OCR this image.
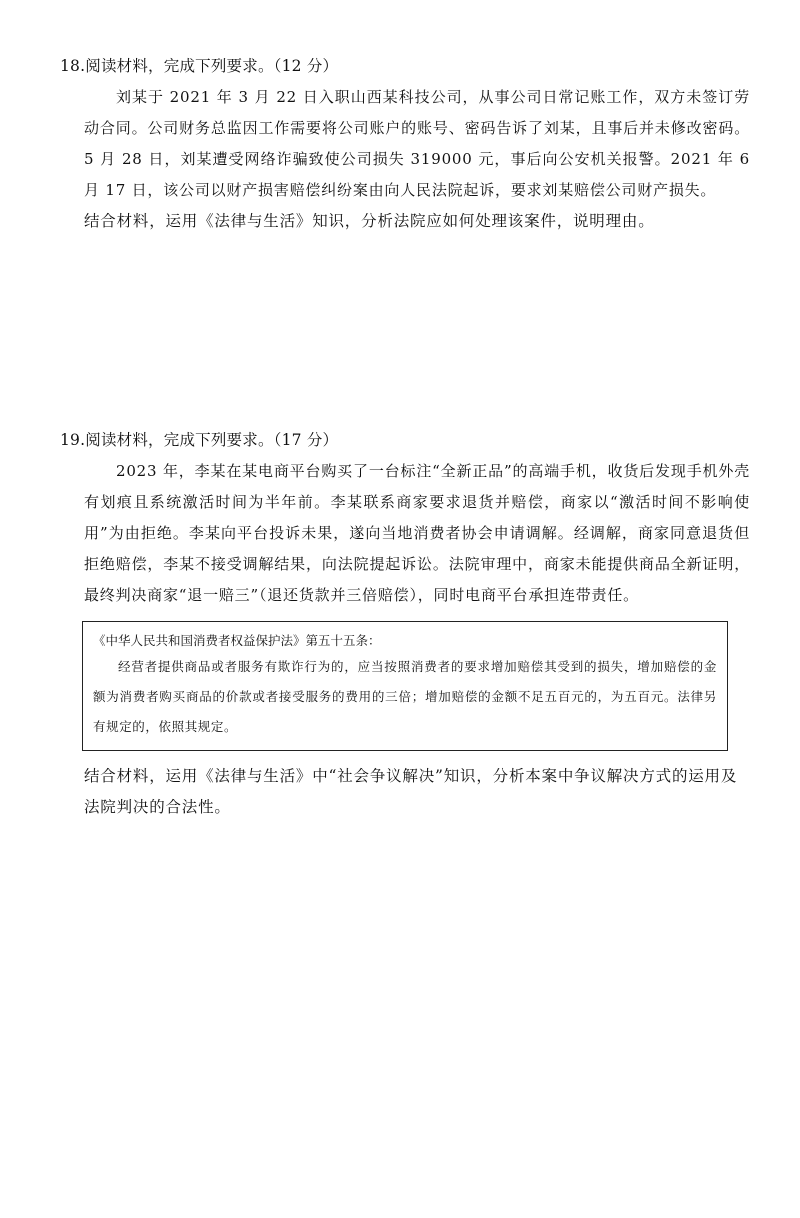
18.阅读材料，完成下列要求。（12 分）

刘某于 2021 年 3 月 22 日入职山西某科技公司，从事公司日常记账工作，双方未签订劳动合同。公司财务总监因工作需要将公司账户的账号、密码告诉了刘某，且事后并未修改密码。5 月 28 日，刘某遭受网络诈骗致使公司损失 319000 元，事后向公安机关报警。2021 年 6 月 17 日，该公司以财产损害赔偿纠纷案由向人民法院起诉，要求刘某赔偿公司财产损失。

结合材料，运用《法律与生活》知识，分析法院应如何处理该案件，说明理由。

19.阅读材料，完成下列要求。（17 分）

2023 年，李某在某电商平台购买了一台标注“全新正品”的高端手机，收货后发现手机外壳有划痕且系统激活时间为半年前。李某联系商家要求退货并赔偿，商家以“激活时间不影响使用”为由拒绝。李某向平台投诉未果，遂向当地消费者协会申请调解。经调解，商家同意退货但拒绝赔偿，李某不接受调解结果，向法院提起诉讼。法院审理中，商家未能提供商品全新证明，最终判决商家“退一赔三”（退还货款并三倍赔偿），同时电商平台承担连带责任。

《中华人民共和国消费者权益保护法》第五十五条：

经营者提供商品或者服务有欺诈行为的，应当按照消费者的要求增加赔偿其受到的损失，增加赔偿的金额为消费者购买商品的价款或者接受服务的费用的三倍；增加赔偿的金额不足五百元的，为五百元。法律另有规定的，依照其规定。

结合材料，运用《法律与生活》中“社会争议解决”知识，分析本案中争议解决方式的运用及法院判决的合法性。
